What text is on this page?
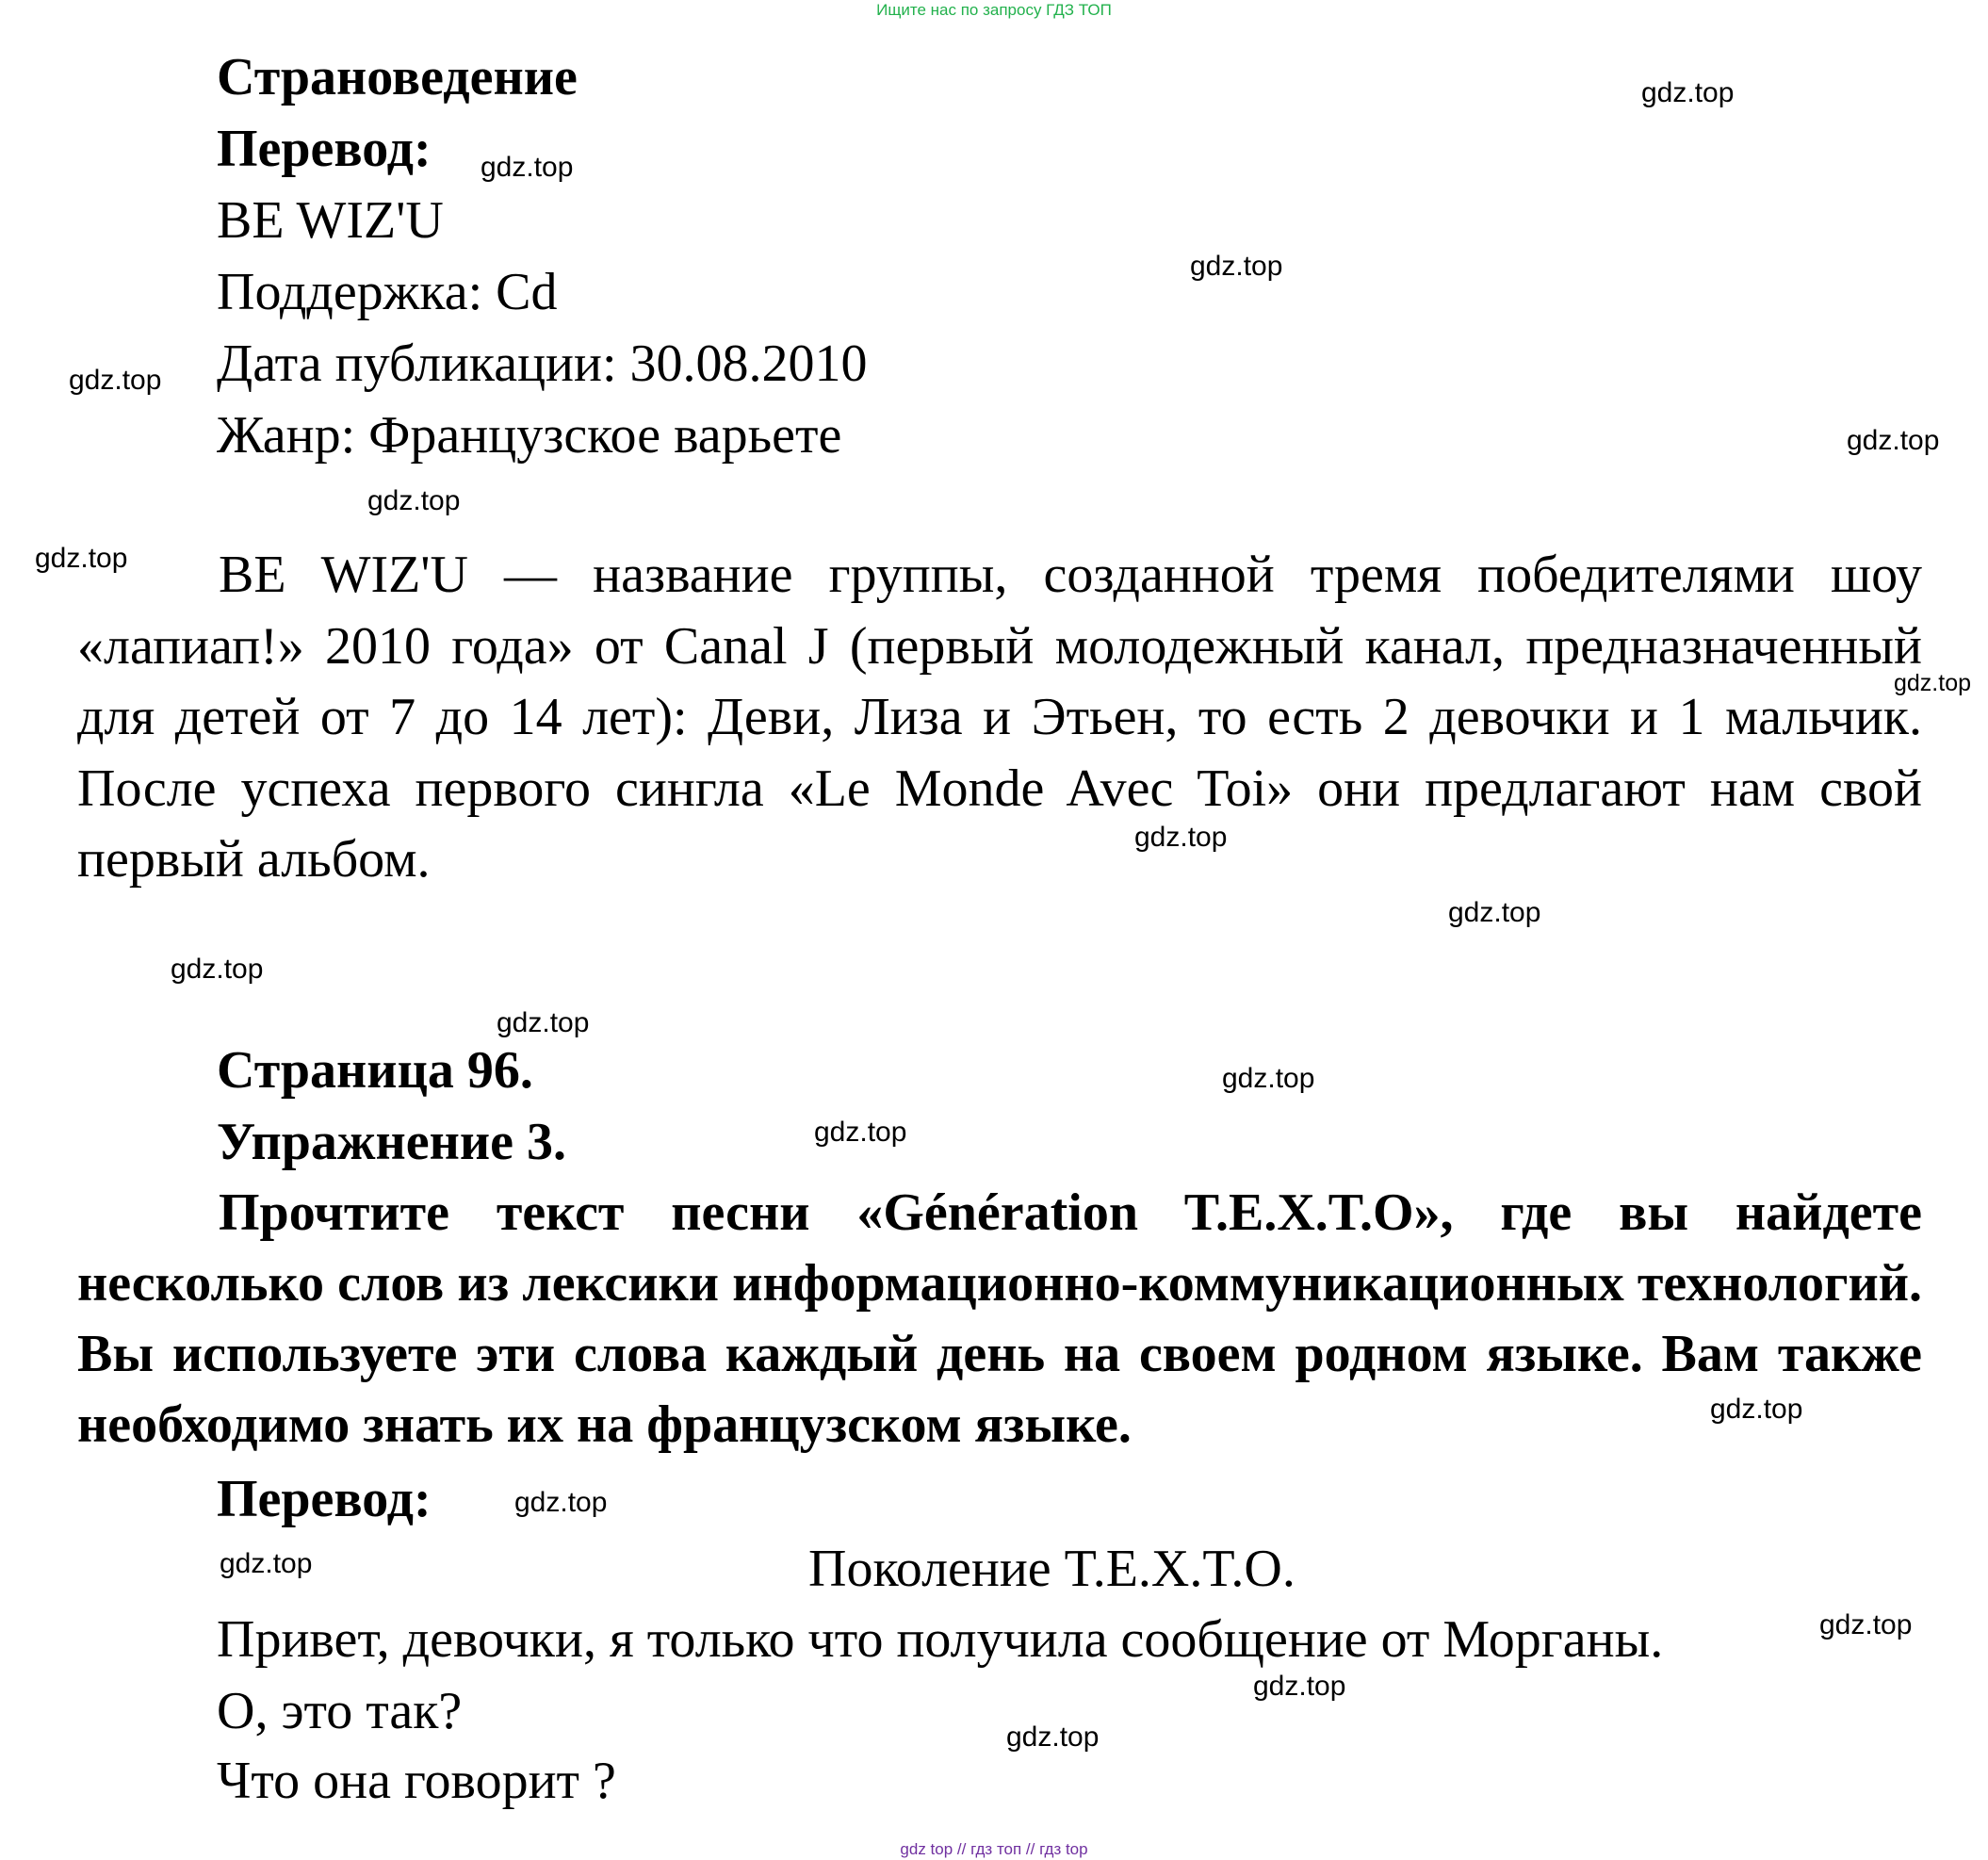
Ищите нас по запросу ГДЗ ТОП
Страноведение
Перевод:
BE WIZ'U
Поддержка: Cd
Дата публикации: 30.08.2010
Жанр: Французское варьете
BE WIZ'U — название группы, созданной тремя победителями шоу «лапиап!» 2010 года» от Canal J (первый молодежный канал, предназначенный для детей от 7 до 14 лет): Деви, Лиза и Этьен, то есть 2 девочки и 1 мальчик. После успеха первого сингла «Le Monde Avec Toi» они предлагают нам свой первый альбом.
Страница 96.
Упражнение 3.
Прочтите текст песни «Génération T.E.X.T.O», где вы найдете несколько слов из лексики информационно-коммуникационных технологий. Вы используете эти слова каждый день на своем родном языке. Вам также необходимо знать их на французском языке.
Перевод:
Поколение T.E.X.T.O.
Привет, девочки, я только что получила сообщение от Морганы.
О, это так?
Что она говорит ?
gdz.top
gdz.top
gdz.top
gdz.top
gdz.top
gdz.top
gdz.top
gdz.top
gdz.top
gdz.top
gdz.top
gdz.top
gdz.top
gdz.top
gdz.top
gdz.top
gdz.top
gdz.top
gdz.top
gdz.top
gdz top // гдз топ // гдз top
